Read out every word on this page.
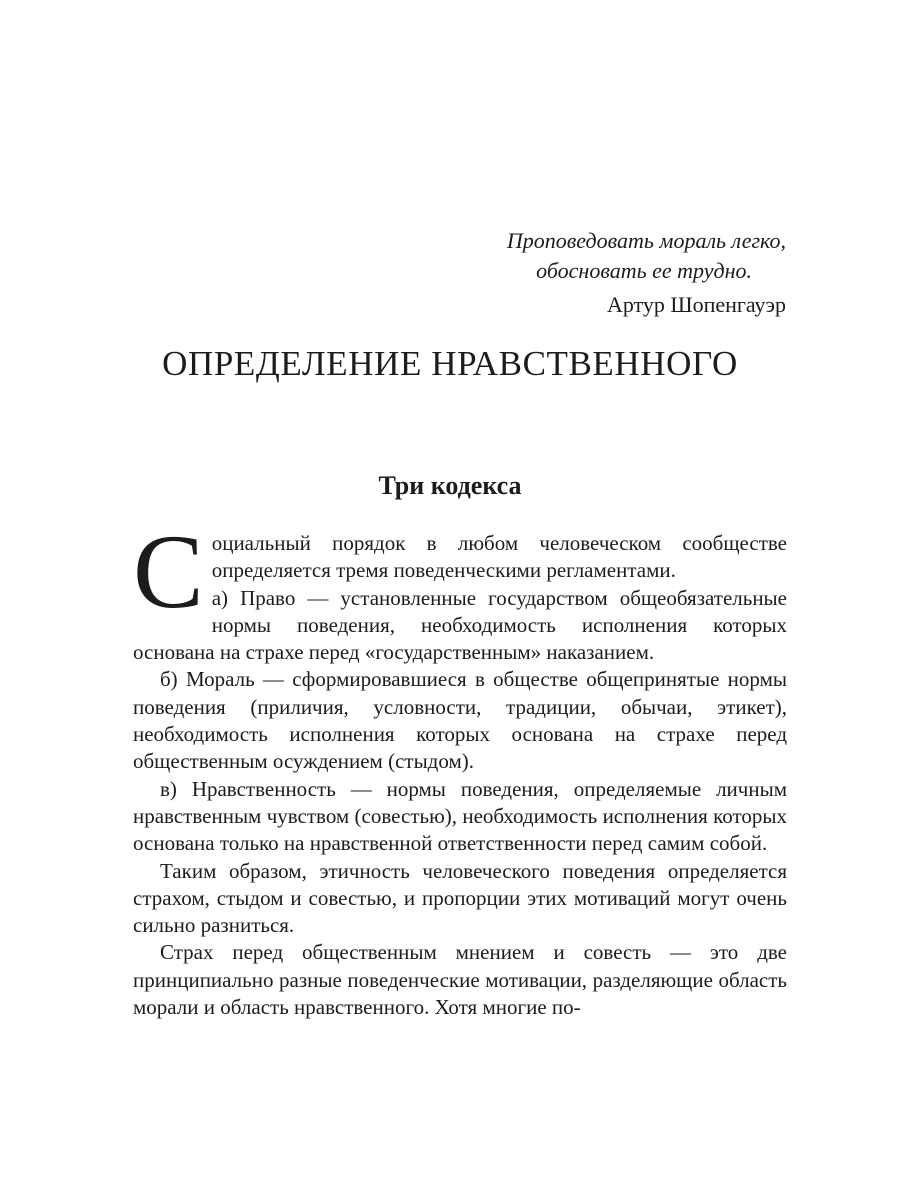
Проповедовать мораль легко,
обосновать ее трудно.
Артур Шопенгауэр
ОПРЕДЕЛЕНИЕ НРАВСТВЕННОГО
Три кодекса

Социальный порядок в любом человеческом сообществе определяется тремя поведенческими регламентами.

а) Право — установленные государством общеобязательные нормы поведения, необходимость исполнения которых основана на страхе перед «государственным» наказанием.

б) Мораль — сформировавшиеся в обществе общепринятые нормы поведения (приличия, условности, традиции, обычаи, этикет), необходимость исполнения которых основана на страхе перед общественным осуждением (стыдом).

в) Нравственность — нормы поведения, определяемые личным нравственным чувством (совестью), необходимость исполнения которых основана только на нравственной ответственности перед самим собой.

Таким образом, этичность человеческого поведения определяется страхом, стыдом и совестью, и пропорции этих мотиваций могут очень сильно разниться.

Страх перед общественным мнением и совесть — это две принципиально разные поведенческие мотивации, разделяющие область морали и область нравственного. Хотя многие по-
